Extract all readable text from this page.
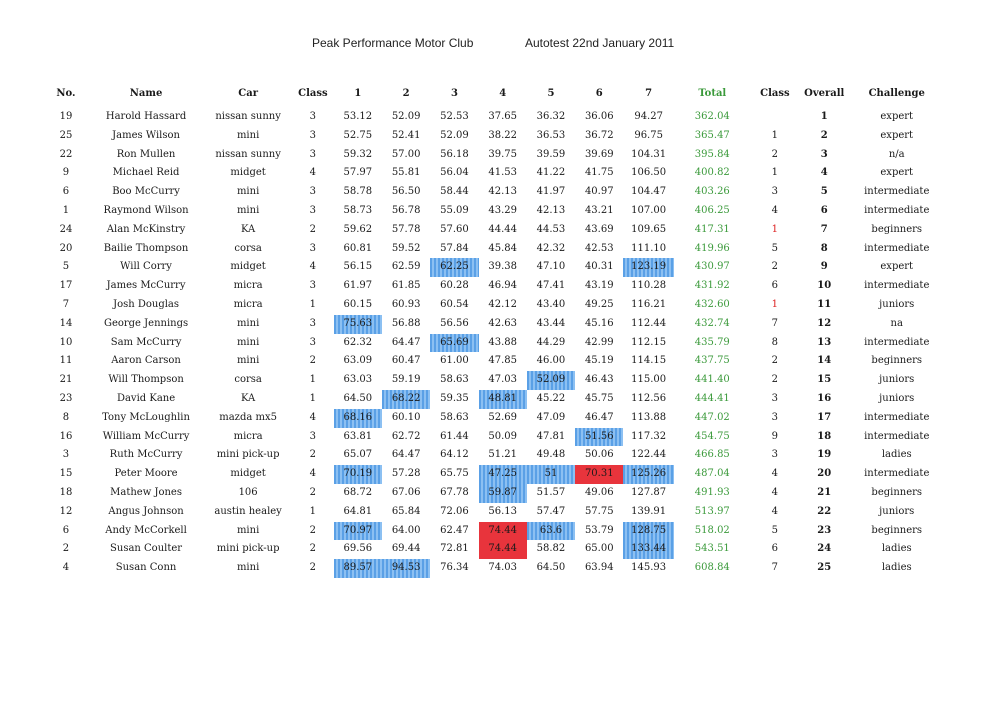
Peak Performance Motor Club	Autotest 22nd January 2011
No.	Name	Car	Class	1	2	3	4	5	6	7	Total	Class	Overall	Challenge
19	Harold Hassard	nissan sunny	3	53.12	52.09	52.53	37.65	36.32	36.06	94.27	362.04		1	expert
25	James Wilson	mini	3	52.75	52.41	52.09	38.22	36.53	36.72	96.75	365.47	1	2	expert
22	Ron Mullen	nissan sunny	3	59.32	57.00	56.18	39.75	39.59	39.69	104.31	395.84	2	3	n/a
9	Michael Reid	midget	4	57.97	55.81	56.04	41.53	41.22	41.75	106.50	400.82	1	4	expert
6	Boo McCurry	mini	3	58.78	56.50	58.44	42.13	41.97	40.97	104.47	403.26	3	5	intermediate
1	Raymond Wilson	mini	3	58.73	56.78	55.09	43.29	42.13	43.21	107.00	406.25	4	6	intermediate
24	Alan McKinstry	KA	2	59.62	57.78	57.60	44.44	44.53	43.69	109.65	417.31	1	7	beginners
20	Bailie Thompson	corsa	3	60.81	59.52	57.84	45.84	42.32	42.53	111.10	419.96	5	8	intermediate
5	Will Corry	midget	4	56.15	62.59	62.25	39.38	47.10	40.31	123.19	430.97	2	9	expert
17	James McCurry	micra	3	61.97	61.85	60.28	46.94	47.41	43.19	110.28	431.92	6	10	intermediate
7	Josh Douglas	micra	1	60.15	60.93	60.54	42.12	43.40	49.25	116.21	432.60	1	11	juniors
14	George Jennings	mini	3	75.63	56.88	56.56	42.63	43.44	45.16	112.44	432.74	7	12	na
10	Sam McCurry	mini	3	62.32	64.47	65.69	43.88	44.29	42.99	112.15	435.79	8	13	intermediate
11	Aaron Carson	mini	2	63.09	60.47	61.00	47.85	46.00	45.19	114.15	437.75	2	14	beginners
21	Will Thompson	corsa	1	63.03	59.19	58.63	47.03	52.09	46.43	115.00	441.40	2	15	juniors
23	David Kane	KA	1	64.50	68.22	59.35	48.81	45.22	45.75	112.56	444.41	3	16	juniors
8	Tony McLoughlin	mazda mx5	4	68.16	60.10	58.63	52.69	47.09	46.47	113.88	447.02	3	17	intermediate
16	William McCurry	micra	3	63.81	62.72	61.44	50.09	47.81	51.56	117.32	454.75	9	18	intermediate
3	Ruth McCurry	mini pick-up	2	65.07	64.47	64.12	51.21	49.48	50.06	122.44	466.85	3	19	ladies
15	Peter Moore	midget	4	70.19	57.28	65.75	47.25	51	70.31	125.26	487.04	4	20	intermediate
18	Mathew Jones	106	2	68.72	67.06	67.78	59.87	51.57	49.06	127.87	491.93	4	21	beginners
12	Angus Johnson	austin healey	1	64.81	65.84	72.06	56.13	57.47	57.75	139.91	513.97	4	22	juniors
6	Andy McCorkell	mini	2	70.97	64.00	62.47	74.44	63.6	53.79	128.75	518.02	5	23	beginners
2	Susan Coulter	mini pick-up	2	69.56	69.44	72.81	74.44	58.82	65.00	133.44	543.51	6	24	ladies
4	Susan Conn	mini	2	89.57	94.53	76.34	74.03	64.50	63.94	145.93	608.84	7	25	ladies
